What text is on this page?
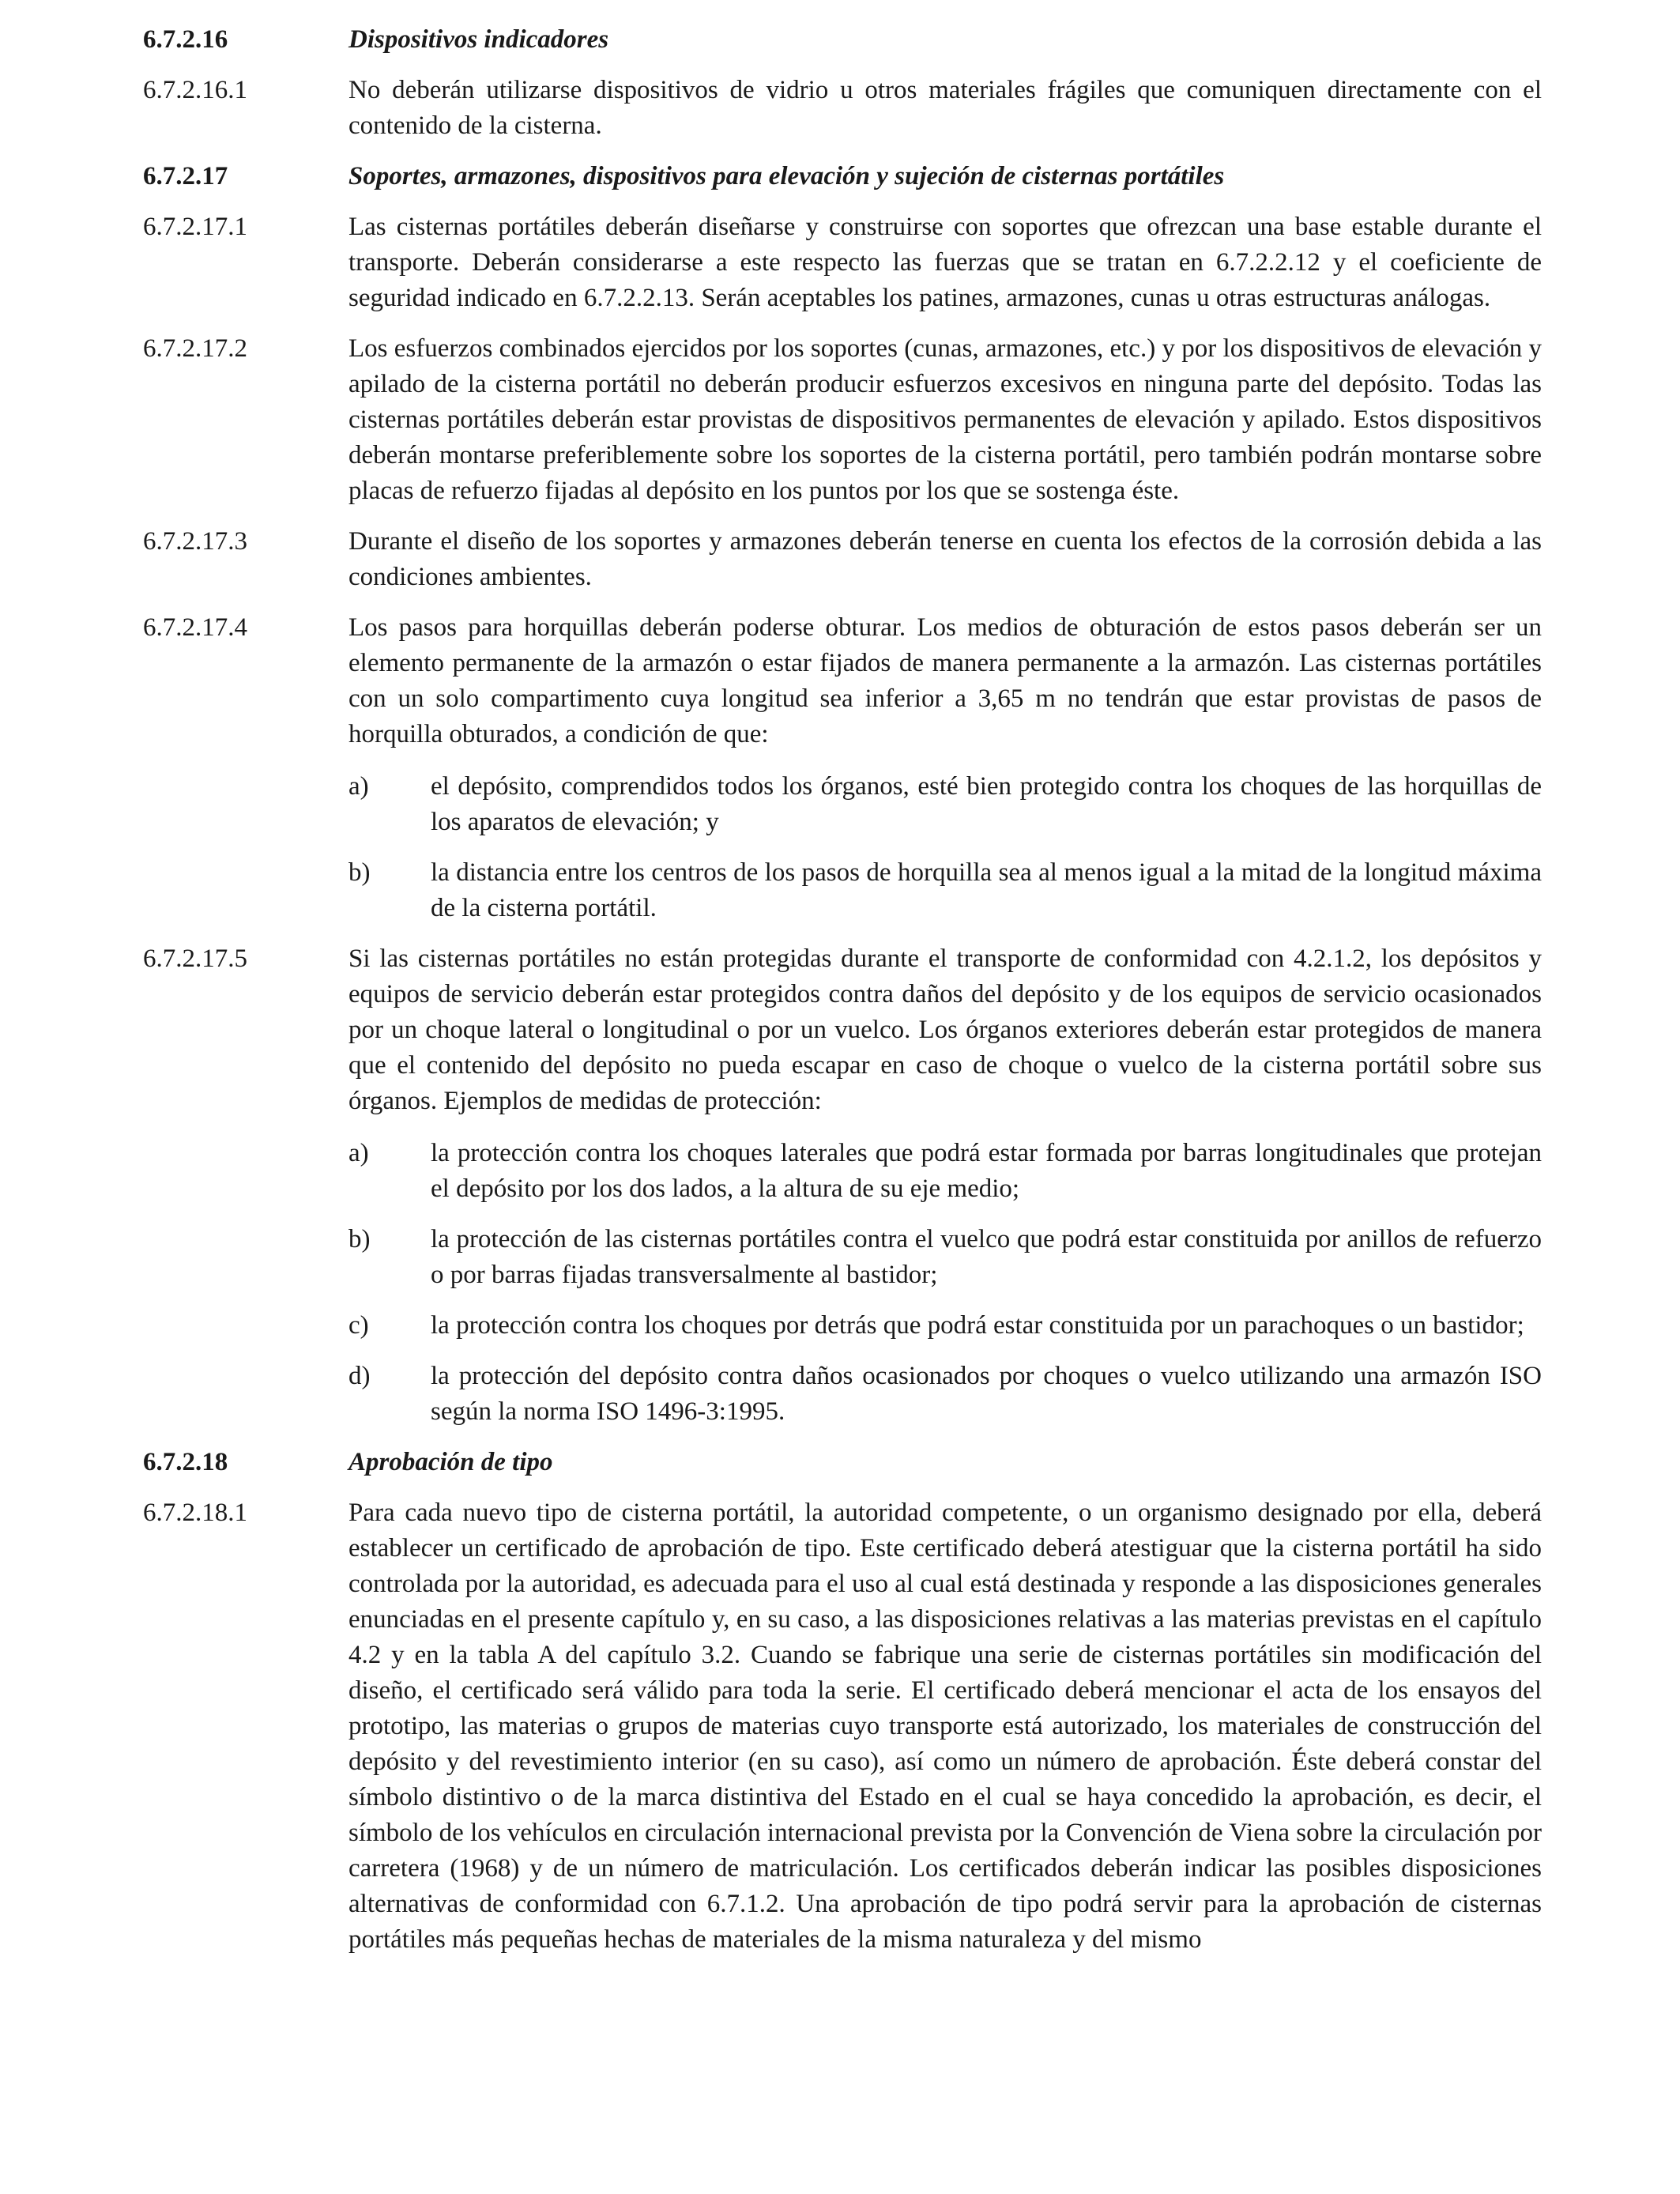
6.7.2.16	Dispositivos indicadores
6.7.2.16.1	No deberán utilizarse dispositivos de vidrio u otros materiales frágiles que comuniquen directamente con el contenido de la cisterna.
6.7.2.17	Soportes, armazones, dispositivos para elevación y sujeción de cisternas portátiles
6.7.2.17.1	Las cisternas portátiles deberán diseñarse y construirse con soportes que ofrezcan una base estable durante el transporte. Deberán considerarse a este respecto las fuerzas que se tratan en 6.7.2.2.12 y el coeficiente de seguridad indicado en 6.7.2.2.13. Serán aceptables los patines, armazones, cunas u otras estructuras análogas.
6.7.2.17.2	Los esfuerzos combinados ejercidos por los soportes (cunas, armazones, etc.) y por los dispositivos de elevación y apilado de la cisterna portátil no deberán producir esfuerzos excesivos en ninguna parte del depósito. Todas las cisternas portátiles deberán estar provistas de dispositivos permanentes de elevación y apilado. Estos dispositivos deberán montarse preferiblemente sobre los soportes de la cisterna portátil, pero también podrán montarse sobre placas de refuerzo fijadas al depósito en los puntos por los que se sostenga éste.
6.7.2.17.3	Durante el diseño de los soportes y armazones deberán tenerse en cuenta los efectos de la corrosión debida a las condiciones ambientes.
6.7.2.17.4	Los pasos para horquillas deberán poderse obturar. Los medios de obturación de estos pasos deberán ser un elemento permanente de la armazón o estar fijados de manera permanente a la armazón. Las cisternas portátiles con un solo compartimento cuya longitud sea inferior a 3,65 m no tendrán que estar provistas de pasos de horquilla obturados, a condición de que:
a)	el depósito, comprendidos todos los órganos, esté bien protegido contra los choques de las horquillas de los aparatos de elevación; y
b)	la distancia entre los centros de los pasos de horquilla sea al menos igual a la mitad de la longitud máxima de la cisterna portátil.
6.7.2.17.5	Si las cisternas portátiles no están protegidas durante el transporte de conformidad con 4.2.1.2, los depósitos y equipos de servicio deberán estar protegidos contra daños del depósito y de los equipos de servicio ocasionados por un choque lateral o longitudinal o por un vuelco. Los órganos exteriores deberán estar protegidos de manera que el contenido del depósito no pueda escapar en caso de choque o vuelco de la cisterna portátil sobre sus órganos. Ejemplos de medidas de protección:
a)	la protección contra los choques laterales que podrá estar formada por barras longitudinales que protejan el depósito por los dos lados, a la altura de su eje medio;
b)	la protección de las cisternas portátiles contra el vuelco que podrá estar constituida por anillos de refuerzo o por barras fijadas transversalmente al bastidor;
c)	la protección contra los choques por detrás que podrá estar constituida por un parachoques o un bastidor;
d)	la protección del depósito contra daños ocasionados por choques o vuelco utilizando una armazón ISO según la norma ISO 1496-3:1995.
6.7.2.18	Aprobación de tipo
6.7.2.18.1	Para cada nuevo tipo de cisterna portátil, la autoridad competente, o un organismo designado por ella, deberá establecer un certificado de aprobación de tipo. Este certificado deberá atestiguar que la cisterna portátil ha sido controlada por la autoridad, es adecuada para el uso al cual está destinada y responde a las disposiciones generales enunciadas en el presente capítulo y, en su caso, a las disposiciones relativas a las materias previstas en el capítulo 4.2 y en la tabla A del capítulo 3.2. Cuando se fabrique una serie de cisternas portátiles sin modificación del diseño, el certificado será válido para toda la serie. El certificado deberá mencionar el acta de los ensayos del prototipo, las materias o grupos de materias cuyo transporte está autorizado, los materiales de construcción del depósito y del revestimiento interior (en su caso), así como un número de aprobación. Éste deberá constar del símbolo distintivo o de la marca distintiva del Estado en el cual se haya concedido la aprobación, es decir, el símbolo de los vehículos en circulación internacional prevista por la Convención de Viena sobre la circulación por carretera (1968) y de un número de matriculación. Los certificados deberán indicar las posibles disposiciones alternativas de conformidad con 6.7.1.2. Una aprobación de tipo podrá servir para la aprobación de cisternas portátiles más pequeñas hechas de materiales de la misma naturaleza y del mismo
